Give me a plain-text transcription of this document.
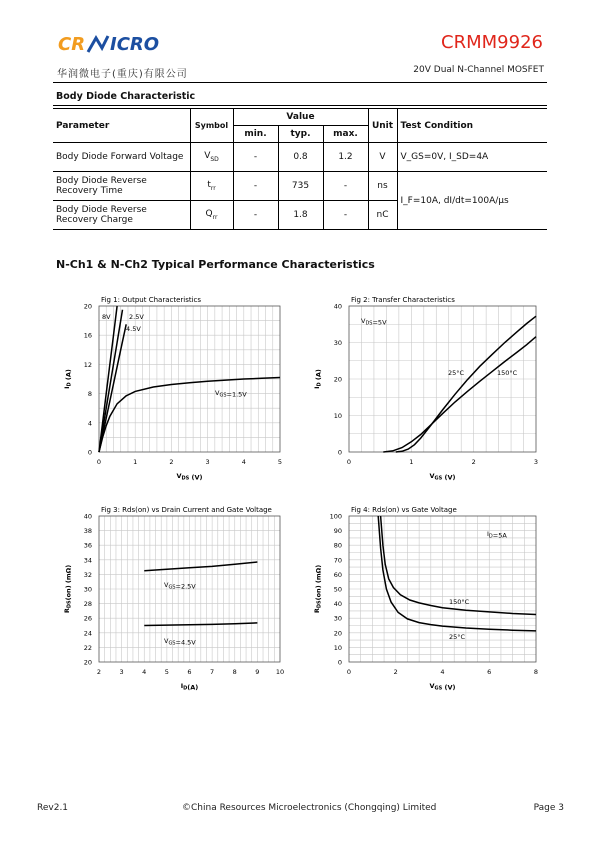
CR ICRO
华润微电子(重庆)有限公司
CRMM9926
20V Dual N-Channel MOSFET
Body Diode Characteristic
Parameter	Symbol	Value			Unit	Test Condition
		min.	typ.	max.		
Body Diode Forward Voltage	$V_{SD}$	-	0.8	1.2	V	V_GS=0V, I_SD=4A
Body Diode Reverse Recovery Time	$t_{rr}$	-	735	-	ns	I_F=10A, dI/dt=100A/μs
Body Diode Reverse Recovery Charge	$Q_{rr}$	-	1.8	-	nC	
N-Ch1 & N-Ch2 Typical Performance Characteristics
Fig 1: Output Characteristics
0	1	2	3	4	5
0
4
8
12
16
20
$V_{DS}$ (V)
$I_D$ (A)
8V	2.5V
4.5V
$V_{GS}=1.5V$
Fig 2: Transfer Characteristics
0	1	2	3
0
10
20
30
40
$V_{GS}$ (V)
$I_D$ (A)
$V_{DS}=5V$
25°C	150°C
Fig 3: Rds(on) vs Drain Current and Gate Voltage
2	3	4	5	6	7	8	9	10
20
22
24
26
28
30
32
34
36
38
40
$I_D(A)$
$R_{DS}(on)$ (mΩ)	$V_{GS}=2.5V$
$V_{GS}=4.5V$
Fig 4: Rds(on) vs Gate Voltage
0	2	4	6	8
0
10
20
30
40
50
60
70
80
90
100
$V_{GS}$ (V)
$R_{DS}(on)$ (mΩ)
$I_D=5A$
150°C
25°C
Rev2.1	©China Resources Microelectronics (Chongqing) Limited	Page 3
